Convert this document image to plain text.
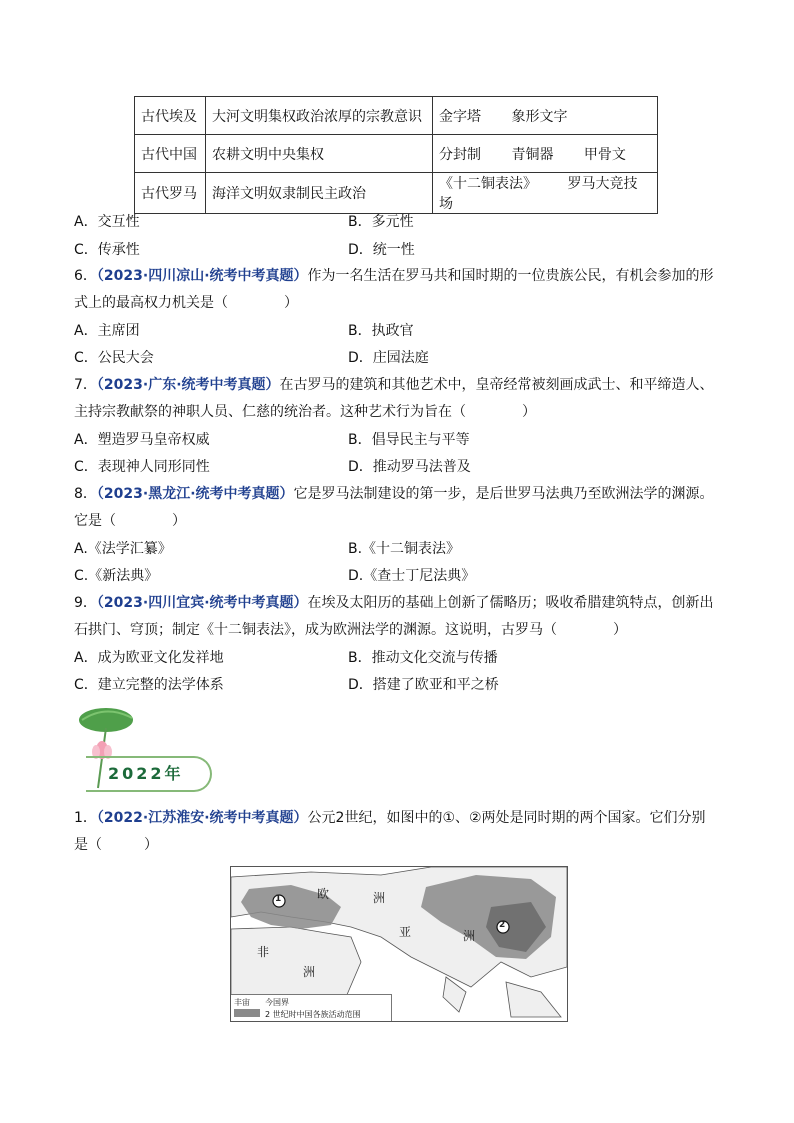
古代埃及	大河文明集权政治浓厚的宗教意识	金字塔 象形文字
古代中国	农耕文明中央集权	分封制 青铜器 甲骨文
古代罗马	海洋文明奴隶制民主政治	《十二铜表法》 罗马大竞技场
A．交互性	B．多元性
C．传承性	D．统一性
6．（2023·四川凉山·统考中考真题）作为一名生活在罗马共和国时期的一位贵族公民，有机会参加的形
式上的最高权力机关是（　　　　）
A．主席团	B．执政官
C．公民大会	D．庄园法庭
7．（2023·广东·统考中考真题）在古罗马的建筑和其他艺术中，皇帝经常被刻画成武士、和平缔造人、
主持宗教献祭的神职人员、仁慈的统治者。这种艺术行为旨在（　　　　）
A．塑造罗马皇帝权威	B．倡导民主与平等
C．表现神人同形同性	D．推动罗马法普及
8．（2023·黑龙江·统考中考真题）它是罗马法制建设的第一步，是后世罗马法典乃至欧洲法学的渊源。
它是（　　　　）
A.《法学汇纂》	B.《十二铜表法》
C.《新法典》	D.《查士丁尼法典》
9．（2023·四川宜宾·统考中考真题）在埃及太阳历的基础上创新了儒略历；吸收希腊建筑特点，创新出
石拱门、穹顶；制定《十二铜表法》，成为欧洲法学的渊源。这说明，古罗马（　　　　）
A．成为欧亚文化发祥地	B．推动文化交流与传播
C．建立完整的法学体系	D．搭建了欧亚和平之桥
2022年
1．（2022·江苏淮安·统考中考真题）公元2世纪，如图中的①、②两处是同时期的两个国家。它们分别
是（　　　）
1
2
欧	洲
亚	洲
非
洲
丰宙 今国界
2 世纪时中国各族活动范围
